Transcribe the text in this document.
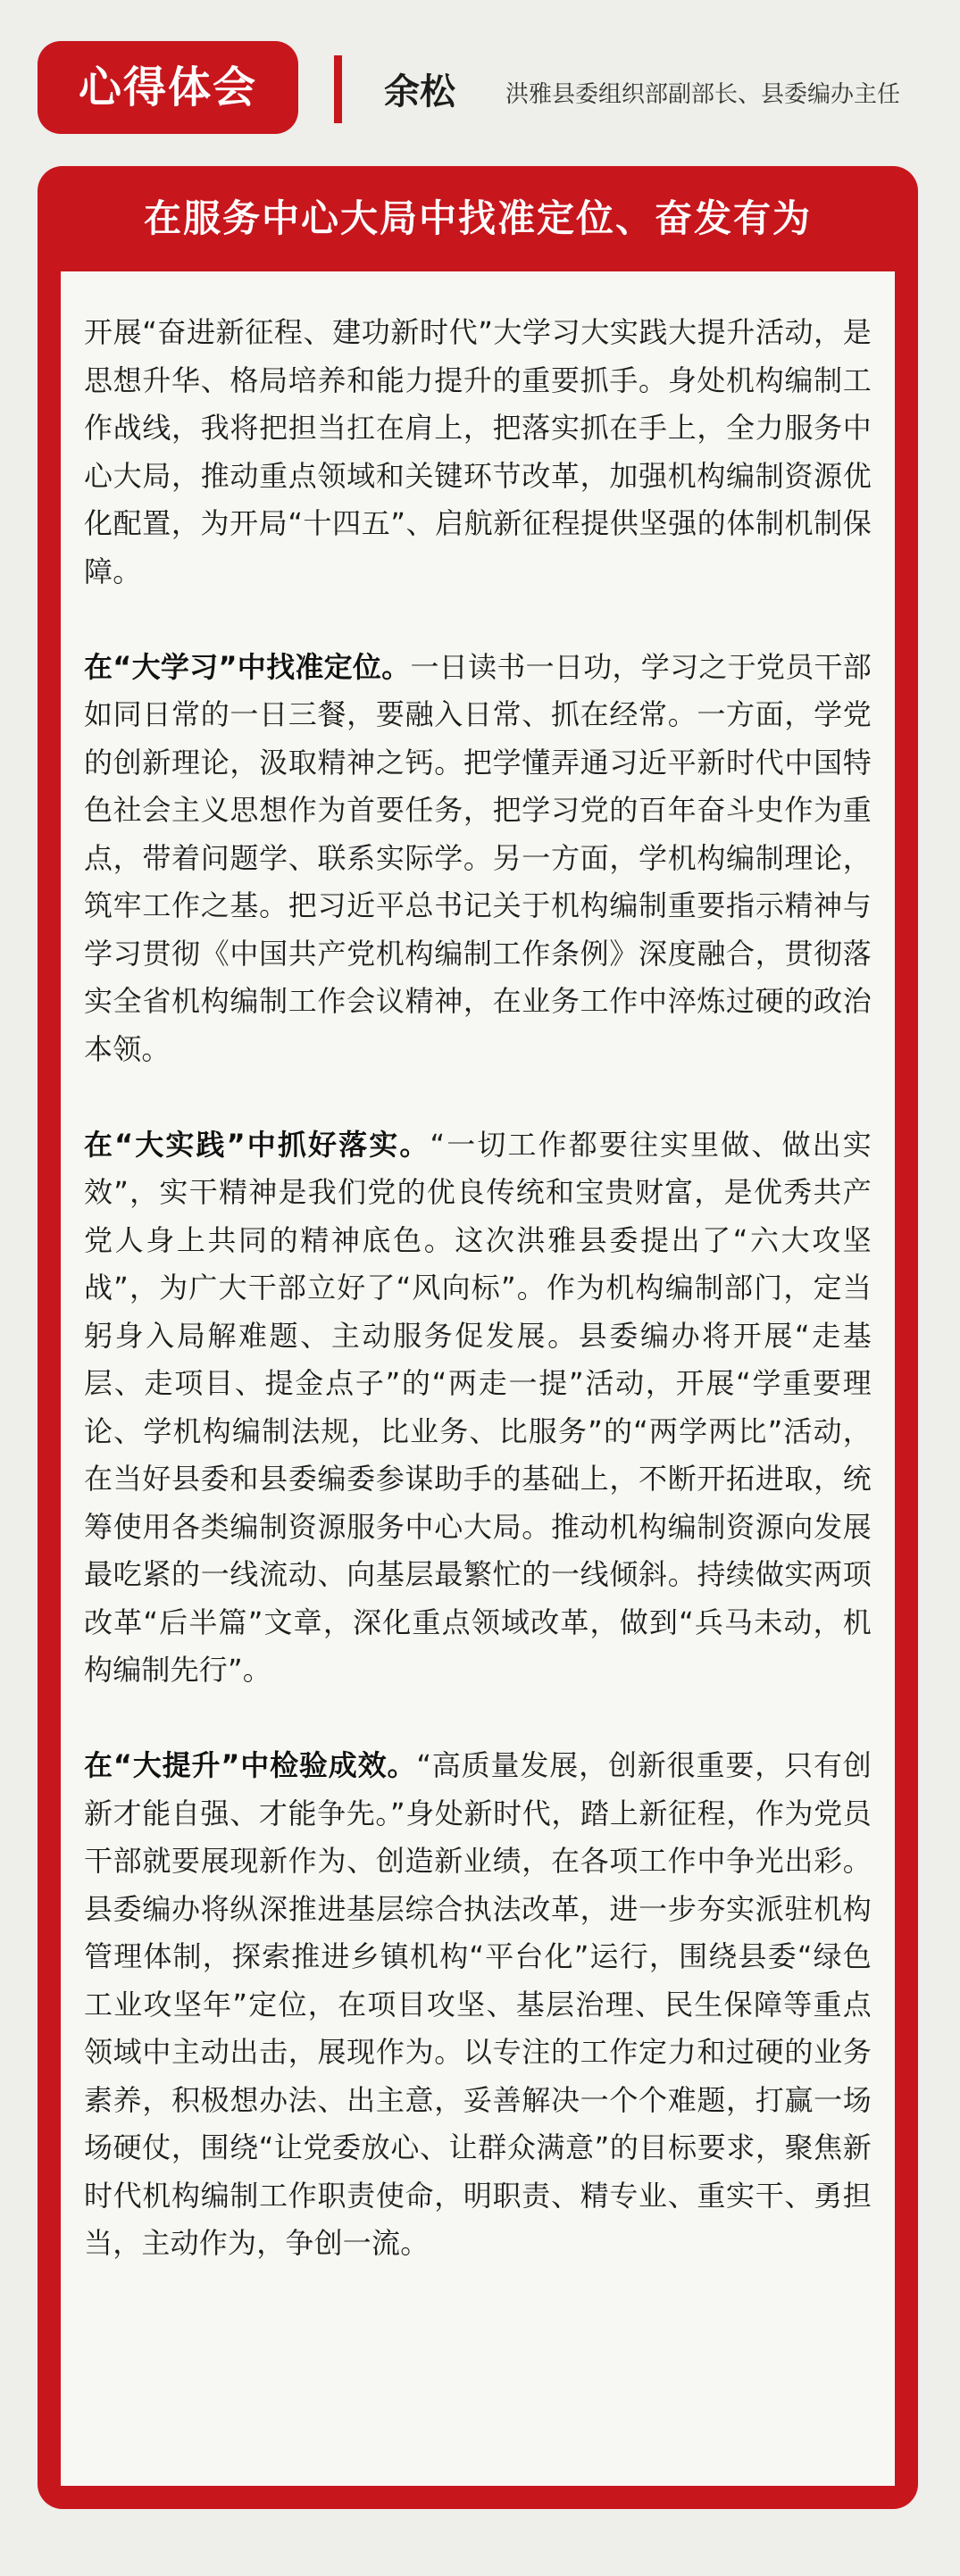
心得体会	余松 洪雅县委组织部副部长、县委编办主任
在服务中心大局中找准定位、奋发有为

开展“奋进新征程、建功新时代”大学习大实践大提升活动，是思想升华、格局培养和能力提升的重要抓手。身处机构编制工作战线，我将把担当扛在肩上，把落实抓在手上，全力服务中心大局，推动重点领域和关键环节改革，加强机构编制资源优化配置，为开局“十四五”、启航新征程提供坚强的体制机制保障。

在“大学习”中找准定位。一日读书一日功，学习之于党员干部如同日常的一日三餐，要融入日常、抓在经常。一方面，学党的创新理论，汲取精神之钙。把学懂弄通习近平新时代中国特色社会主义思想作为首要任务，把学习党的百年奋斗史作为重点，带着问题学、联系实际学。另一方面，学机构编制理论，筑牢工作之基。把习近平总书记关于机构编制重要指示精神与学习贯彻《中国共产党机构编制工作条例》深度融合，贯彻落实全省机构编制工作会议精神，在业务工作中淬炼过硬的政治本领。

在“大实践”中抓好落实。“一切工作都要往实里做、做出实效”，实干精神是我们党的优良传统和宝贵财富，是优秀共产党人身上共同的精神底色。这次洪雅县委提出了“六大攻坚战”，为广大干部立好了“风向标”。作为机构编制部门，定当躬身入局解难题、主动服务促发展。县委编办将开展“走基层、走项目、提金点子”的“两走一提”活动，开展“学重要理论、学机构编制法规，比业务、比服务”的“两学两比”活动，在当好县委和县委编委参谋助手的基础上，不断开拓进取，统筹使用各类编制资源服务中心大局。推动机构编制资源向发展最吃紧的一线流动、向基层最繁忙的一线倾斜。持续做实两项改革“后半篇”文章，深化重点领域改革，做到“兵马未动，机构编制先行”。

在“大提升”中检验成效。“高质量发展，创新很重要，只有创新才能自强、才能争先。”身处新时代，踏上新征程，作为党员干部就要展现新作为、创造新业绩，在各项工作中争光出彩。县委编办将纵深推进基层综合执法改革，进一步夯实派驻机构管理体制，探索推进乡镇机构“平台化”运行，围绕县委“绿色工业攻坚年”定位，在项目攻坚、基层治理、民生保障等重点领域中主动出击，展现作为。以专注的工作定力和过硬的业务素养，积极想办法、出主意，妥善解决一个个难题，打赢一场场硬仗，围绕“让党委放心、让群众满意”的目标要求，聚焦新时代机构编制工作职责使命，明职责、精专业、重实干、勇担当，主动作为，争创一流。
